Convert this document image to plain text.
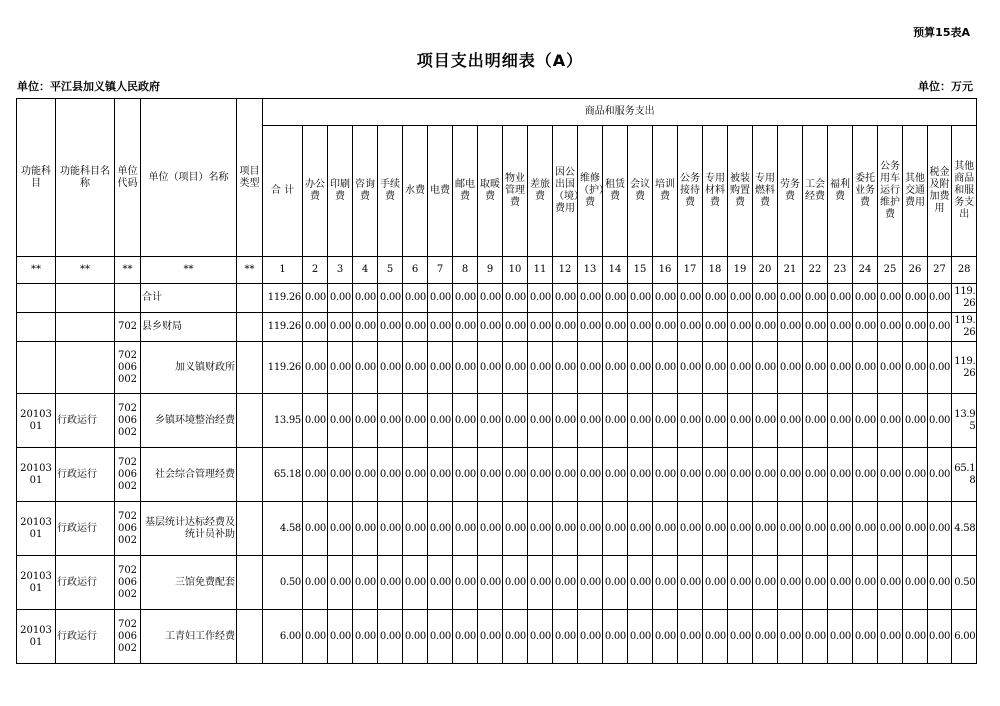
预算15表A
项目支出明细表（A）
单位：平江县加义镇人民政府	单位：万元
功能科目	功能科目名称	单位代码	单位（项目）名称	项目类型	商品和服务支出																											
					合 计	办公费	印刷费	咨询费	手续费	水费	电费	邮电费	取暖费	物业管理费	差旅费	因公出国（境）费用	维修（护）费	租赁费	会议费	培训费	公务接待费	专用材料费	被装购置费	专用燃料费	劳务费	工会经费	福利费	委托业务费	公务用车运行维护费	其他交通费用	税金及附加费用	其他商品和服务支出
**	**	**	**	**	1	2	3	4	5	6	7	8	9	10	11	12	13	14	15	16	17	18	19	20	21	22	23	24	25	26	27	28
			合计		119.26	0.00	0.00	0.00	0.00	0.00	0.00	0.00	0.00	0.00	0.00	0.00	0.00	0.00	0.00	0.00	0.00	0.00	0.00	0.00	0.00	0.00	0.00	0.00	0.00	0.00	0.00	119.26
		702	县乡财局		119.26	0.00	0.00	0.00	0.00	0.00	0.00	0.00	0.00	0.00	0.00	0.00	0.00	0.00	0.00	0.00	0.00	0.00	0.00	0.00	0.00	0.00	0.00	0.00	0.00	0.00	0.00	119.26
		702006002	加义镇财政所		119.26	0.00	0.00	0.00	0.00	0.00	0.00	0.00	0.00	0.00	0.00	0.00	0.00	0.00	0.00	0.00	0.00	0.00	0.00	0.00	0.00	0.00	0.00	0.00	0.00	0.00	0.00	119.26
2010301	行政运行	702006002	乡镇环境整治经费		13.95	0.00	0.00	0.00	0.00	0.00	0.00	0.00	0.00	0.00	0.00	0.00	0.00	0.00	0.00	0.00	0.00	0.00	0.00	0.00	0.00	0.00	0.00	0.00	0.00	0.00	0.00	13.95
2010301	行政运行	702006002	社会综合管理经费		65.18	0.00	0.00	0.00	0.00	0.00	0.00	0.00	0.00	0.00	0.00	0.00	0.00	0.00	0.00	0.00	0.00	0.00	0.00	0.00	0.00	0.00	0.00	0.00	0.00	0.00	0.00	65.18
2010301	行政运行	702006002	基层统计达标经费及统计员补助		4.58	0.00	0.00	0.00	0.00	0.00	0.00	0.00	0.00	0.00	0.00	0.00	0.00	0.00	0.00	0.00	0.00	0.00	0.00	0.00	0.00	0.00	0.00	0.00	0.00	0.00	0.00	4.58
2010301	行政运行	702006002	三馆免费配套		0.50	0.00	0.00	0.00	0.00	0.00	0.00	0.00	0.00	0.00	0.00	0.00	0.00	0.00	0.00	0.00	0.00	0.00	0.00	0.00	0.00	0.00	0.00	0.00	0.00	0.00	0.00	0.50
2010301	行政运行	702006002	工青妇工作经费		6.00	0.00	0.00	0.00	0.00	0.00	0.00	0.00	0.00	0.00	0.00	0.00	0.00	0.00	0.00	0.00	0.00	0.00	0.00	0.00	0.00	0.00	0.00	0.00	0.00	0.00	0.00	6.00
